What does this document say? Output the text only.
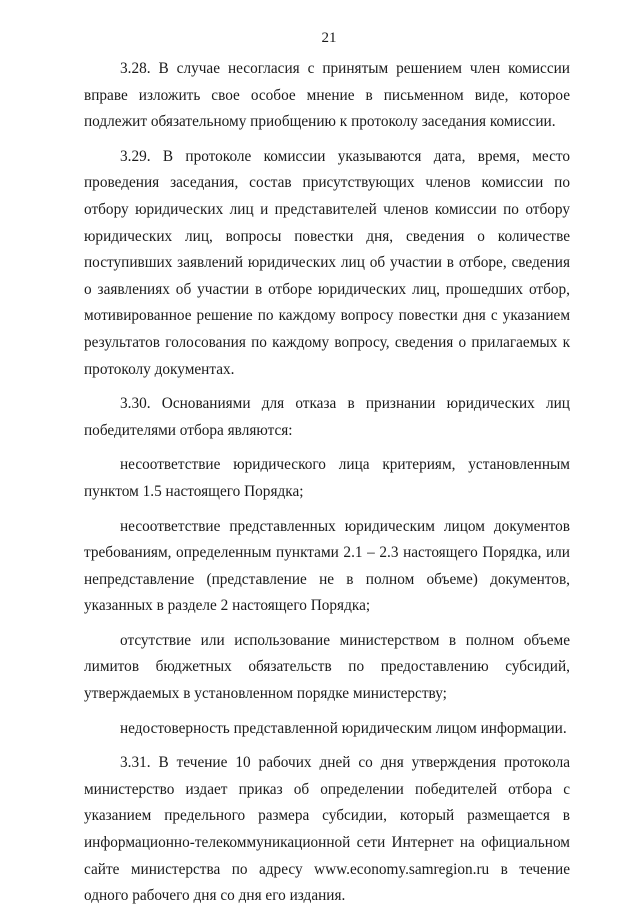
21

3.28. В случае несогласия с принятым решением член комиссии вправе изложить свое особое мнение в письменном виде, которое подлежит обязательному приобщению к протоколу заседания комиссии.

3.29. В протоколе комиссии указываются дата, время, место проведения заседания, состав присутствующих членов комиссии по отбору юридических лиц и представителей членов комиссии по отбору юридических лиц, вопросы повестки дня, сведения о количестве поступивших заявлений юридических лиц об участии в отборе, сведения о заявлениях об участии в отборе юридических лиц, прошедших отбор, мотивированное решение по каждому вопросу повестки дня с указанием результатов голосования по каждому вопросу, сведения о прилагаемых к протоколу документах.

3.30. Основаниями для отказа в признании юридических лиц победителями отбора являются:

несоответствие юридического лица критериям, установленным пунктом 1.5 настоящего Порядка;

несоответствие представленных юридическим лицом документов требованиям, определенным пунктами 2.1 – 2.3 настоящего Порядка, или непредставление (представление не в полном объеме) документов, указанных в разделе 2 настоящего Порядка;

отсутствие или использование министерством в полном объеме лимитов бюджетных обязательств по предоставлению субсидий, утверждаемых в установленном порядке министерству;

недостоверность представленной юридическим лицом информации.

3.31. В течение 10 рабочих дней со дня утверждения протокола министерство издает приказ об определении победителей отбора с указанием предельного размера субсидии, который размещается в информационно-телекоммуникационной сети Интернет на официальном сайте министерства по адресу www.economy.samregion.ru в течение одного рабочего дня со дня его издания.
